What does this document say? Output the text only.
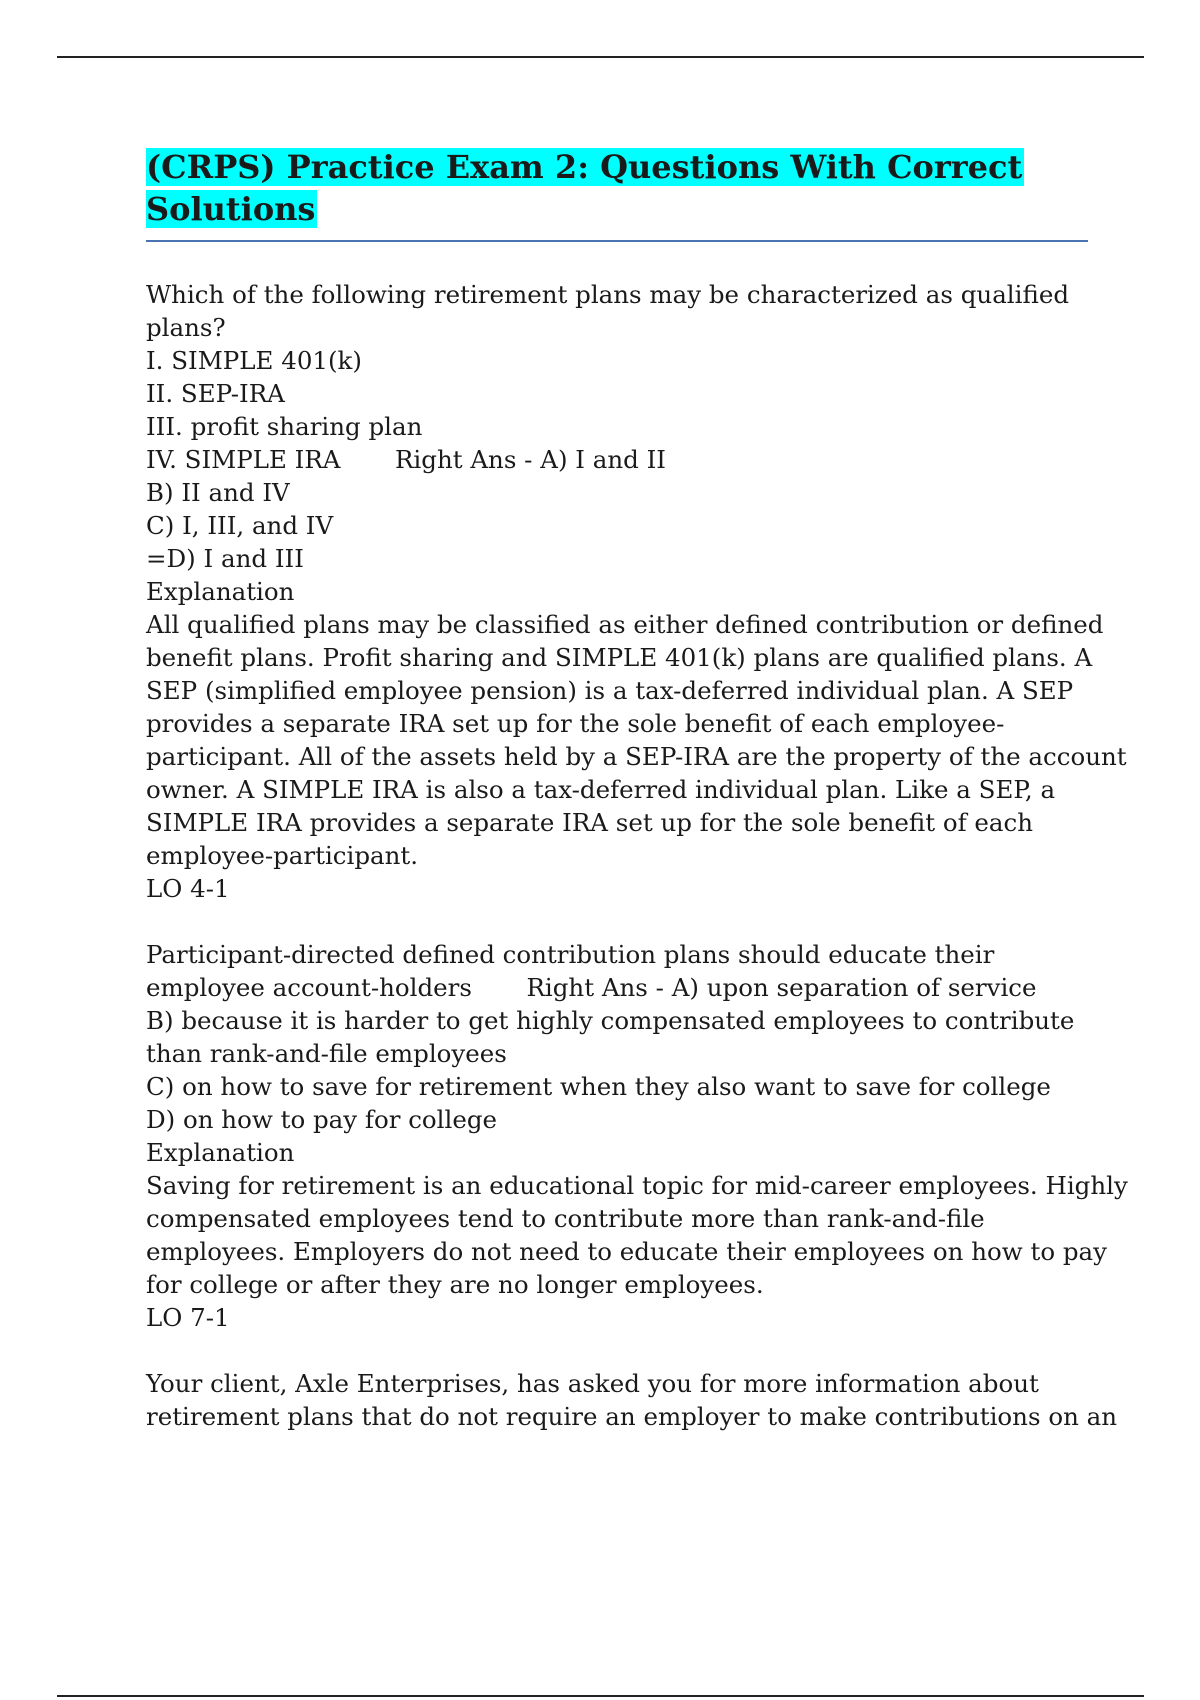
(CRPS) Practice Exam 2: Questions With Correct
Solutions
Which of the following retirement plans may be characterized as qualified
plans?
I. SIMPLE 401(k)
II. SEP-IRA
III. profit sharing plan
IV. SIMPLE IRA       Right Ans - A) I and II
B) II and IV
C) I, III, and IV
=D) I and III
Explanation
All qualified plans may be classified as either defined contribution or defined
benefit plans. Profit sharing and SIMPLE 401(k) plans are qualified plans. A
SEP (simplified employee pension) is a tax-deferred individual plan. A SEP
provides a separate IRA set up for the sole benefit of each employee-
participant. All of the assets held by a SEP-IRA are the property of the account
owner. A SIMPLE IRA is also a tax-deferred individual plan. Like a SEP, a
SIMPLE IRA provides a separate IRA set up for the sole benefit of each
employee-participant.
LO 4-1
Participant-directed defined contribution plans should educate their
employee account-holders       Right Ans - A) upon separation of service
B) because it is harder to get highly compensated employees to contribute
than rank-and-file employees
C) on how to save for retirement when they also want to save for college
D) on how to pay for college
Explanation
Saving for retirement is an educational topic for mid-career employees. Highly
compensated employees tend to contribute more than rank-and-file
employees. Employers do not need to educate their employees on how to pay
for college or after they are no longer employees.
LO 7-1
Your client, Axle Enterprises, has asked you for more information about
retirement plans that do not require an employer to make contributions on an
